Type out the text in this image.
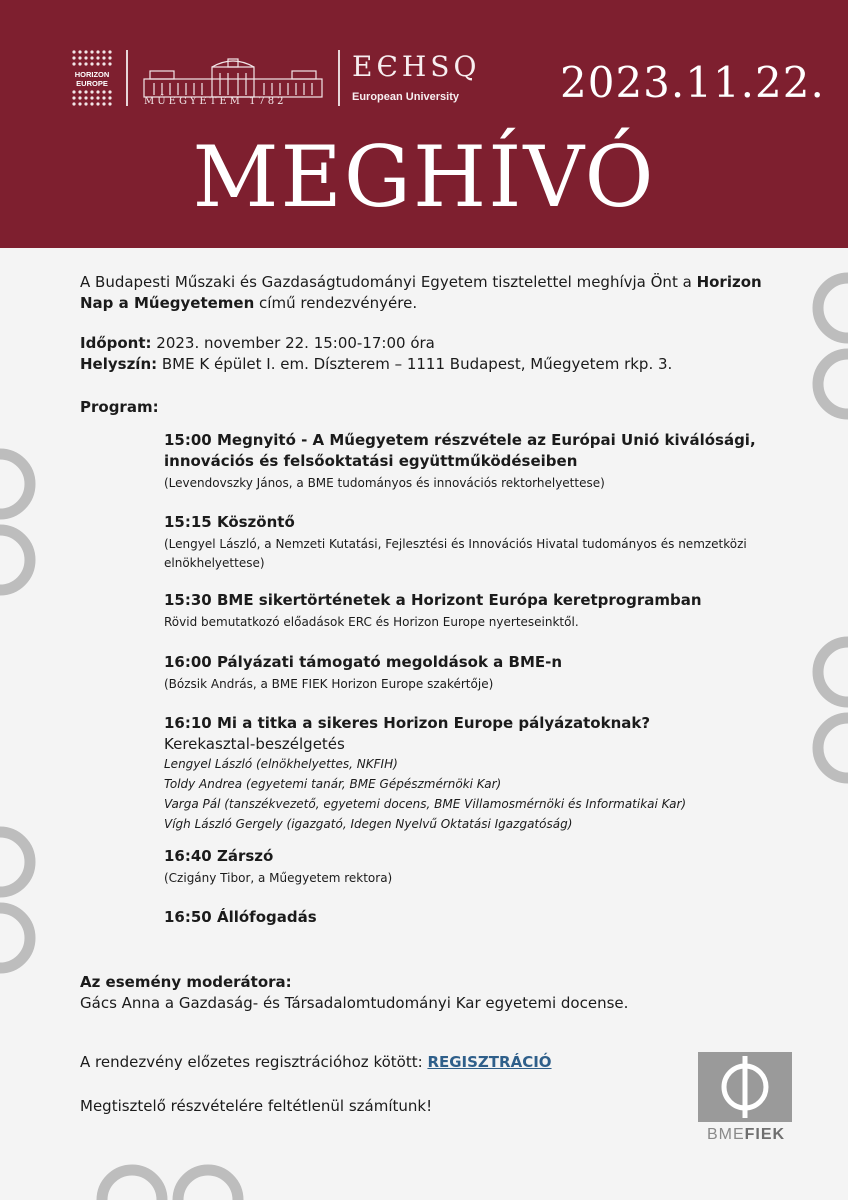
HORIZON
EUROPE
MŰEGYETEM 1782
EЄHSQ
European University 2023.11.22.
MEGHÍVÓ
A Budapesti Műszaki és Gazdaságtudományi Egyetem tisztelettel meghívja Önt a Horizon Nap a Műegyetemen című rendezvényére.
Időpont: 2023. november 22. 15:00-17:00 óra
Helyszín: BME K épület I. em. Díszterem – 1111 Budapest, Műegyetem rkp. 3.
Program:
15:00 Megnyitó - A Műegyetem részvétele az Európai Unió kiválósági, innovációs és felsőoktatási együttműködéseiben
(Levendovszky János, a BME tudományos és innovációs rektorhelyettese)
15:15 Köszöntő
(Lengyel László, a Nemzeti Kutatási, Fejlesztési és Innovációs Hivatal tudományos és nemzetközi elnökhelyettese)
15:30 BME sikertörténetek a Horizont Európa keretprogramban
Rövid bemutatkozó előadások ERC és Horizon Europe nyerteseinktől.
16:00 Pályázati támogató megoldások a BME-n
(Bózsik András, a BME FIEK Horizon Europe szakértője)
16:10 Mi a titka a sikeres Horizon Europe pályázatoknak?
Kerekasztal-beszélgetés
Lengyel László (elnökhelyettes, NKFIH)
Toldy Andrea (egyetemi tanár, BME Gépészmérnöki Kar)
Varga Pál (tanszékvezető, egyetemi docens, BME Villamosmérnöki és Informatikai Kar)
Vígh László Gergely (igazgató, Idegen Nyelvű Oktatási Igazgatóság)
16:40 Zárszó
(Czigány Tibor, a Műegyetem rektora)
16:50 Állófogadás
Az esemény moderátora:
Gács Anna a Gazdaság- és Társadalomtudományi Kar egyetemi docense.
A rendezvény előzetes regisztrációhoz kötött: REGISZTRÁCIÓ
Megtisztelő részvételére feltétlenül számítunk!
BMEFIEK
